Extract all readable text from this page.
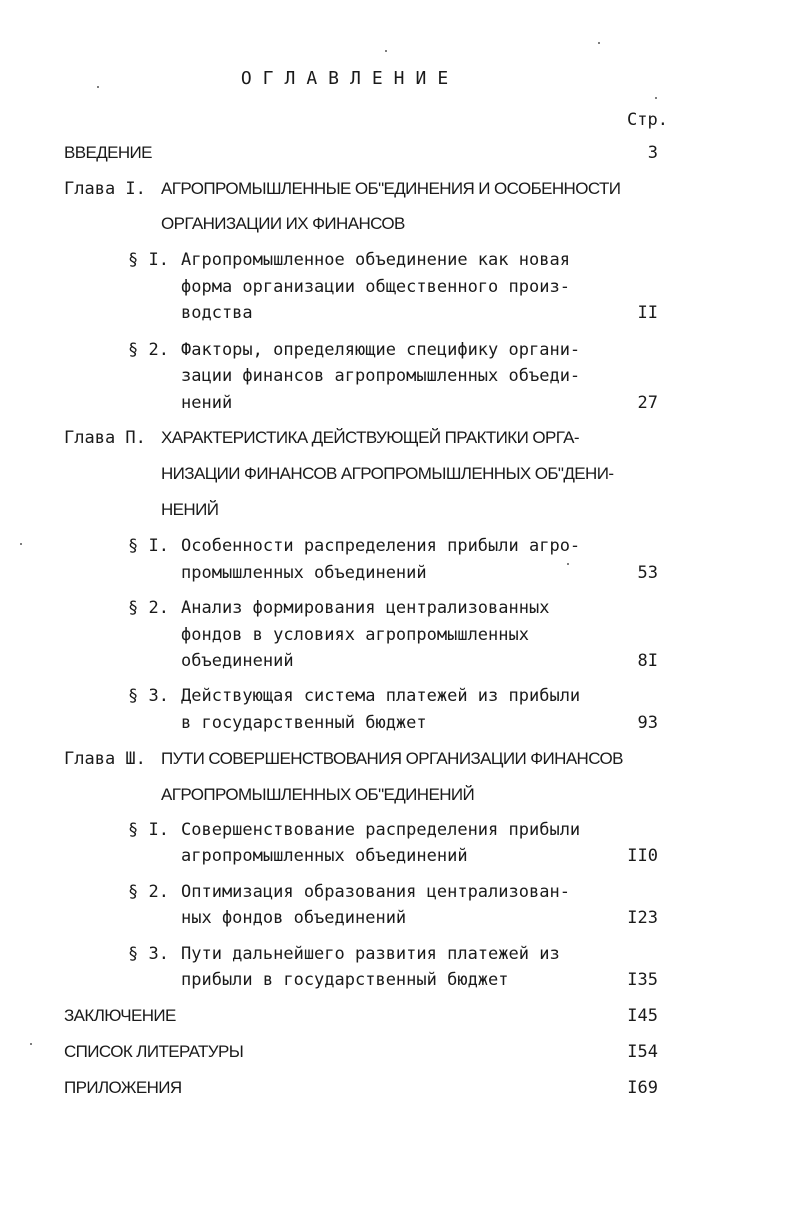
ОГЛАВЛЕНИЕ
Стр.
ВВЕДЕНИЕ	3
Глава I. АГРОПРОМЫШЛЕННЫЕ ОБ"ЕДИНЕНИЯ И ОСОБЕННОСТИ
ОРГАНИЗАЦИИ ИХ ФИНАНСОВ
§ I. Агропромышленное объединение как новая
форма организации общественного произ-
водства	II
§ 2. Факторы, определяющие специфику органи-
зации финансов агропромышленных объеди-
нений	27
Глава П. ХАРАКТЕРИСТИКА ДЕЙСТВУЮЩЕЙ ПРАКТИКИ ОРГА-
НИЗАЦИИ ФИНАНСОВ АГРОПРОМЫШЛЕННЫХ ОБ"ДЕНИ-
НЕНИЙ
§ I. Особенности распределения прибыли агро-
промышленных объединений	53
§ 2. Анализ формирования централизованных
фондов в условиях агропромышленных
объединений	8I
§ 3. Действующая система платежей из прибыли
в государственный бюджет	93
Глава Ш. ПУТИ СОВЕРШЕНСТВОВАНИЯ ОРГАНИЗАЦИИ ФИНАНСОВ
АГРОПРОМЫШЛЕННЫХ ОБ"ЕДИНЕНИЙ
§ I. Совершенствование распределения прибыли
агропромышленных объединений	II0
§ 2. Оптимизация образования централизован-
ных фондов объединений	I23
§ 3. Пути дальнейшего развития платежей из
прибыли в государственный бюджет	I35
ЗАКЛЮЧЕНИЕ	I45
СПИСОК ЛИТЕРАТУРЫ	I54
ПРИЛОЖЕНИЯ	I69
